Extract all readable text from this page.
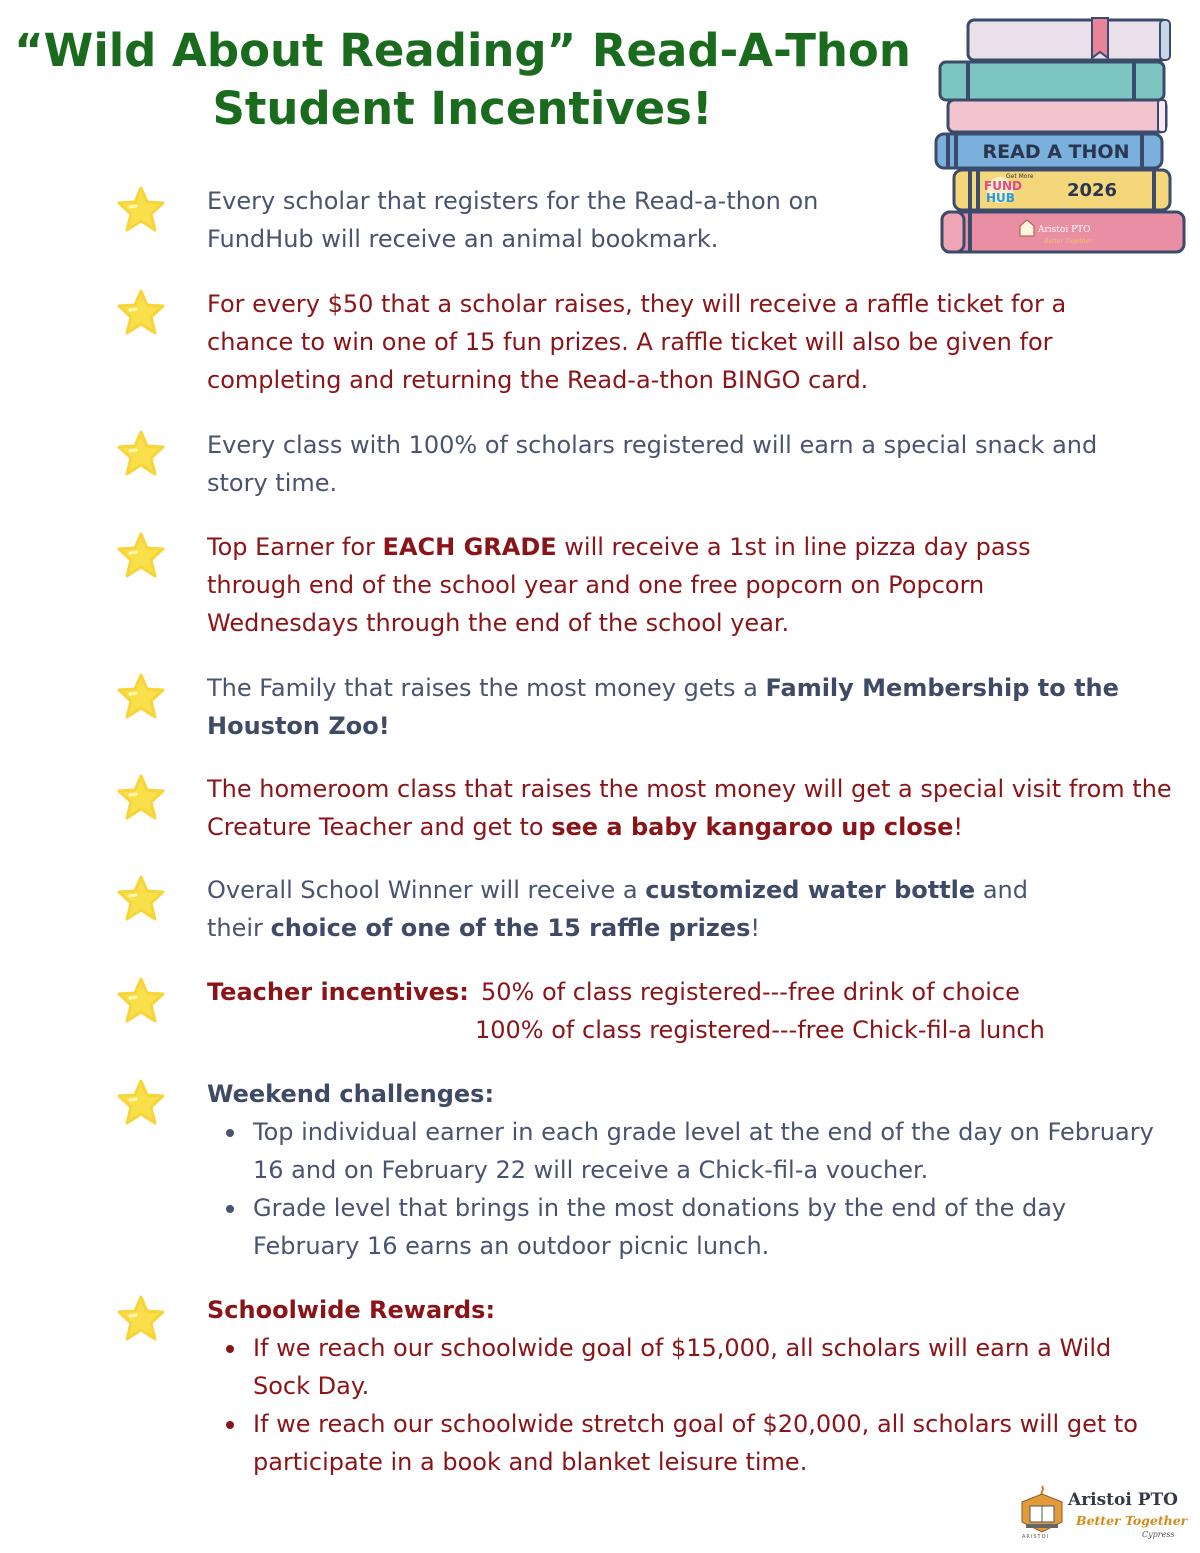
“Wild About Reading” Read-A-Thon
Student Incentives!
READ A THON
Get More
FUND
HUB	2026
Aristoi PTO
Better Together

Every scholar that registers for the Read-a-thon on FundHub will receive an animal bookmark.

For every $50 that a scholar raises, they will receive a raffle ticket for a chance to win one of 15 fun prizes. A raffle ticket will also be given for completing and returning the Read-a-thon BINGO card.

Every class with 100% of scholars registered will earn a special snack and story time.

Top Earner for EACH GRADE will receive a 1st in line pizza day pass through end of the school year and one free popcorn on Popcorn Wednesdays through the end of the school year.

The Family that raises the most money gets a Family Membership to the Houston Zoo!

The homeroom class that raises the most money will get a special visit from the Creature Teacher and get to see a baby kangaroo up close!

Overall School Winner will receive a customized water bottle and their choice of one of the 15 raffle prizes!

Teacher incentives: 50% of class registered---free drink of choice
100% of class registered---free Chick-fil-a lunch
Weekend challenges:
Top individual earner in each grade level at the end of the day on February 16 and on February 22 will receive a Chick-fil-a voucher.
Grade level that brings in the most donations by the end of the day February 16 earns an outdoor picnic lunch.
Schoolwide Rewards:
If we reach our schoolwide goal of $15,000, all scholars will earn a Wild Sock Day.
If we reach our schoolwide stretch goal of $20,000, all scholars will get to participate in a book and blanket leisure time.
Aristoi PTO
Better Together
Cypress
ARISTOI
